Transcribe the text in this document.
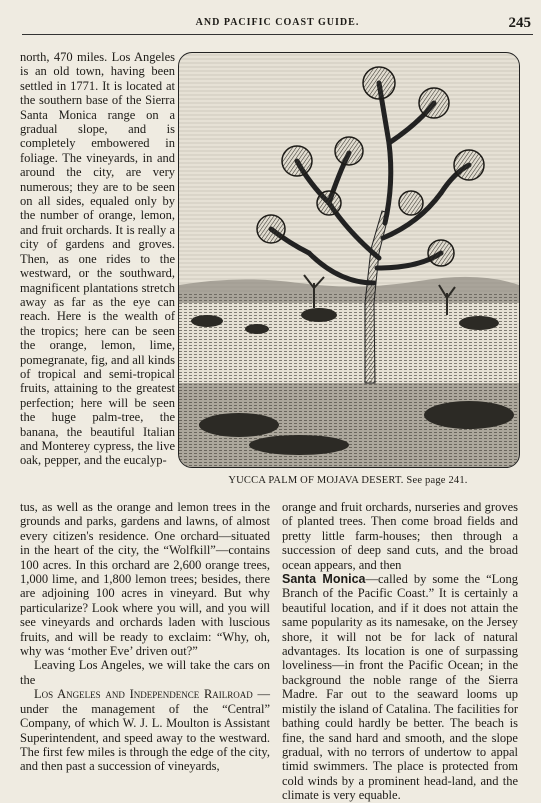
AND PACIFIC COAST GUIDE.	245

north, 470 miles. Los Angeles is an old town, having been settled in 1771. It is located at the southern base of the Sierra Santa Monica range on a gradual slope, and is completely embowered in foliage. The vineyards, in and around the city, are very numerous; they are to be seen on all sides, equaled only by the number of orange, lemon, and fruit orchards. It is really a city of gardens and groves. Then, as one rides to the westward, or the southward, magnificent plantations stretch away as far as the eye can reach. Here is the wealth of the tropics; here can be seen the orange, lemon, lime, pomegranate, fig, and all kinds of tropical and semi-tropical fruits, attaining to the greatest perfection; here will be seen the huge palm-tree, the banana, the beautiful Italian and Monterey cypress, the live oak, pepper, and the eucalyp-

YUCCA PALM OF MOJAVA DESERT. See page 241.

tus, as well as the orange and lemon trees in the grounds and parks, gardens and lawns, of almost every citizen's residence. One orchard—situated in the heart of the city, the “Wolfkill”—contains 100 acres. In this orchard are 2,600 orange trees, 1,000 lime, and 1,800 lemon trees; besides, there are adjoining 100 acres in vineyard. But why particularize? Look where you will, and you will see vineyards and orchards laden with luscious fruits, and will be ready to exclaim: “Why, oh, why was ‘mother Eve’ driven out?”

Leaving Los Angeles, we will take the cars on the

Los Angeles and Independence Railroad — under the management of the “Central” Company, of which W. J. L. Moulton is Assistant Superintendent, and speed away to the westward. The first few miles is through the edge of the city, and then past a succession of vineyards,

orange and fruit orchards, nurseries and groves of planted trees. Then come broad fields and pretty little farm-houses; then through a succession of deep sand cuts, and the broad ocean appears, and then

Santa Monica—called by some the “Long Branch of the Pacific Coast.” It is certainly a beautiful location, and if it does not attain the same popularity as its namesake, on the Jersey shore, it will not be for lack of natural advantages. Its location is one of surpassing loveliness—in front the Pacific Ocean; in the background the noble range of the Sierra Madre. Far out to the seaward looms up mistily the island of Catalina. The facilities for bathing could hardly be better. The beach is fine, the sand hard and smooth, and the slope gradual, with no terrors of undertow to appal timid swimmers. The place is protected from cold winds by a prominent head-land, and the climate is very equable.
